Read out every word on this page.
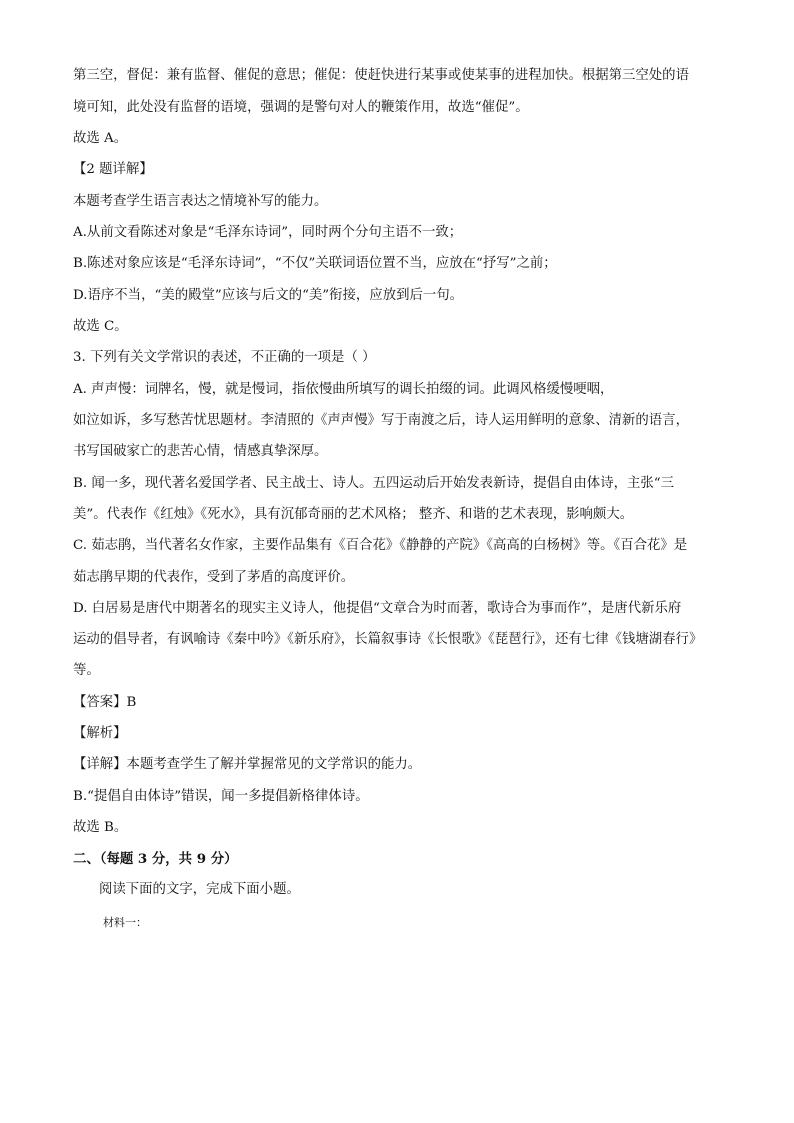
第三空，督促：兼有监督、催促的意思；催促：使赶快进行某事或使某事的进程加快。根据第三空处的语
境可知，此处没有监督的语境，强调的是警句对人的鞭策作用，故选“催促”。
故选 A。
【2 题详解】
本题考查学生语言表达之情境补写的能力。
A.从前文看陈述对象是“毛泽东诗词”，同时两个分句主语不一致；
B.陈述对象应该是“毛泽东诗词”，“不仅”关联词语位置不当，应放在“抒写”之前；
D.语序不当，“美的殿堂”应该与后文的“美”衔接，应放到后一句。
故选 C。
3. 下列有关文学常识的表述，不正确的一项是（ ）
A. 声声慢：词牌名，慢，就是慢词，指依慢曲所填写的调长拍缀的词。此调风格缓慢哽咽，
如泣如诉，多写愁苦忧思题材。李清照的《声声慢》写于南渡之后，诗人运用鲜明的意象、清新的语言，
书写国破家亡的悲苦心情，情感真挚深厚。
B. 闻一多，现代著名爱国学者、民主战士、诗人。五四运动后开始发表新诗，提倡自由体诗，主张“三
美”。代表作《红烛》《死水》，具有沉郁奇丽的艺术风格； 整齐、和谐的艺术表现，影响颇大。
C. 茹志鹃，当代著名女作家，主要作品集有《百合花》《静静的产院》《高高的白杨树》等。《百合花》是
茹志鹃早期的代表作，受到了茅盾的高度评价。
D. 白居易是唐代中期著名的现实主义诗人，他提倡“文章合为时而著，歌诗合为事而作”，是唐代新乐府
运动的倡导者，有讽喻诗《秦中吟》《新乐府》，长篇叙事诗《长恨歌》《琵琶行》，还有七律《钱塘湖春行》
等。
【答案】B
【解析】
【详解】本题考查学生了解并掌握常见的文学常识的能力。
B.“提倡自由体诗”错误，闻一多提倡新格律体诗。
故选 B。
二、（每题 3 分，共 9 分）
阅读下面的文字，完成下面小题。
材料一：
